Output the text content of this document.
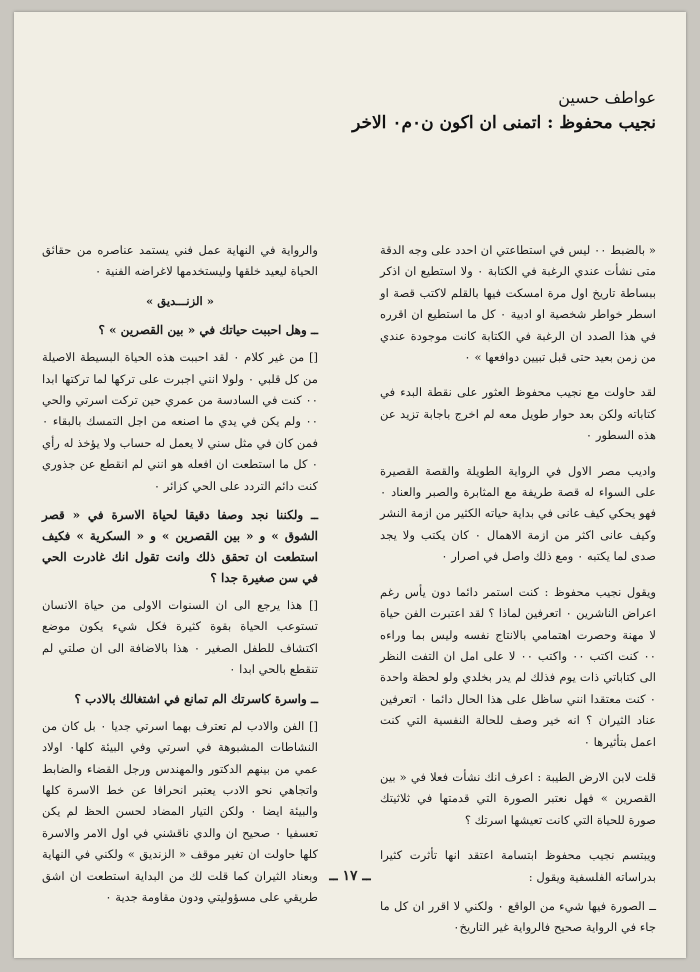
عواطف حسين
نجيب محفوظ : اتمنى ان اكون ن٠م٠ الاخر

« بالضبط ٠٠ ليس في استطاعتي ان احدد على وجه الدقة متى نشأت عندي الرغبة في الكتابة ٠ ولا استطيع ان اذكر ببساطة تاريخ اول مرة امسكت فيها بالقلم لاكتب قصة او اسطر خواطر شخصية او ادبية ٠ كل ما استطيع ان اقرره في هذا الصدد ان الرغبة في الكتابة كانت موجودة عندي من زمن بعيد حتى قبل تبيين دوافعها » ٠

لقد حاولت مع نجيب محفوظ العثور على نقطة البدء في كتاباته ولكن بعد حوار طويل معه لم اخرج باجابة تزيد عن هذه السطور ٠

واديب مصر الاول في الرواية الطويلة والقصة القصيرة على السواء له قصة طريفة مع المثابرة والصبر والعناد ٠ فهو يحكي كيف عانى في بداية حياته الكثير من ازمة النشر وكيف عانى اكثر من ازمة الاهمال ٠ كان يكتب ولا يجد صدى لما يكتبه ٠ ومع ذلك واصل في اصرار ٠

ويقول نجيب محفوظ : كنت استمر دائما دون يأس رغم اعراض الناشرين ٠ اتعرفين لماذا ؟ لقد اعتبرت الفن حياة لا مهنة وحصرت اهتمامي بالانتاج نفسه وليس بما وراءه ٠٠ كنت اكتب ٠٠ واكتب ٠٠ لا على امل ان التفت النظر الى كتاباتي ذات يوم فذلك لم يدر بخلدي ولو لحظة واحدة ٠ كنت معتقدا انني ساظل على هذا الحال دائما ٠ اتعرفين عناد الثيران ؟ انه خير وصف للحالة النفسية التي كنت اعمل بتأثيرها ٠

قلت لابن الارض الطيبة : اعرف انك نشأت فعلا في « بين القصرين » فهل نعتبر الصورة التي قدمتها في ثلاثيتك صورة للحياة التي كانت تعيشها اسرتك ؟

ويبتسم نجيب محفوظ ابتسامة اعتقد انها تأثرت كثيرا بدراساته الفلسفية ويقول :

ــ الصورة فيها شيء من الواقع ٠ ولكني لا اقرر ان كل ما جاء في الرواية صحيح فالرواية غير التاريخ٠

والرواية في النهاية عمل فني يستمد عناصره من حقائق الحياة ليعيد خلقها وليستخدمها لاغراضه الفنية ٠

« الزنـــديق »
ــ وهل احببت حياتك في « بين القصرين » ؟

[] من غير كلام ٠ لقد احببت هذه الحياة البسيطة الاصيلة من كل قلبي ٠ ولولا انني اجبرت على تركها لما تركتها ابدا ٠٠ كنت في السادسة من عمري حين تركت اسرتي والحي ٠٠ ولم يكن في يدي ما اصنعه من اجل التمسك بالبقاء ٠ فمن كان في مثل سني لا يعمل له حساب ولا يؤخذ له رأي ٠ كل ما استطعت ان افعله هو انني لم انقطع عن جذوري كنت دائم التردد على الحي كزائر ٠

ــ ولكننا نجد وصفا دقيقا لحياة الاسرة في « قصر الشوق » و « بين القصرين » و « السكرية » فكيف استطعت ان تحقق ذلك وانت تقول انك غادرت الحي في سن صغيرة جدا ؟

[] هذا يرجع الى ان السنوات الاولى من حياة الانسان تستوعب الحياة بقوة كثيرة فكل شيء يكون موضع اكتشاف للطفل الصغير ٠ هذا بالاضافة الى ان صلتي لم تنقطع بالحي ابدا ٠

ــ واسرة كاسرتك الم تمانع في اشتغالك بالادب ؟

[] الفن والادب لم تعترف بهما اسرتي جديا ٠ بل كان من النشاطات المشبوهة في اسرتي وفي البيئة كلها٠ اولاد عمي من بينهم الدكتور والمهندس ورجل القضاء والضابط واتجاهي نحو الادب يعتبر انحرافا عن خط الاسرة كلها والبيئة ايضا ٠ ولكن التيار المضاد لحسن الحظ لم يكن تعسفيا ٠ صحيح ان والدي ناقشني في اول الامر والاسرة كلها حاولت ان تغير موقف « الزنديق » ولكني في النهاية وبعناد الثيران كما قلت لك من البداية استطعت ان اشق طريقي على مسؤوليتي ودون مقاومة جدية ٠

ــ ١٧ ــ
